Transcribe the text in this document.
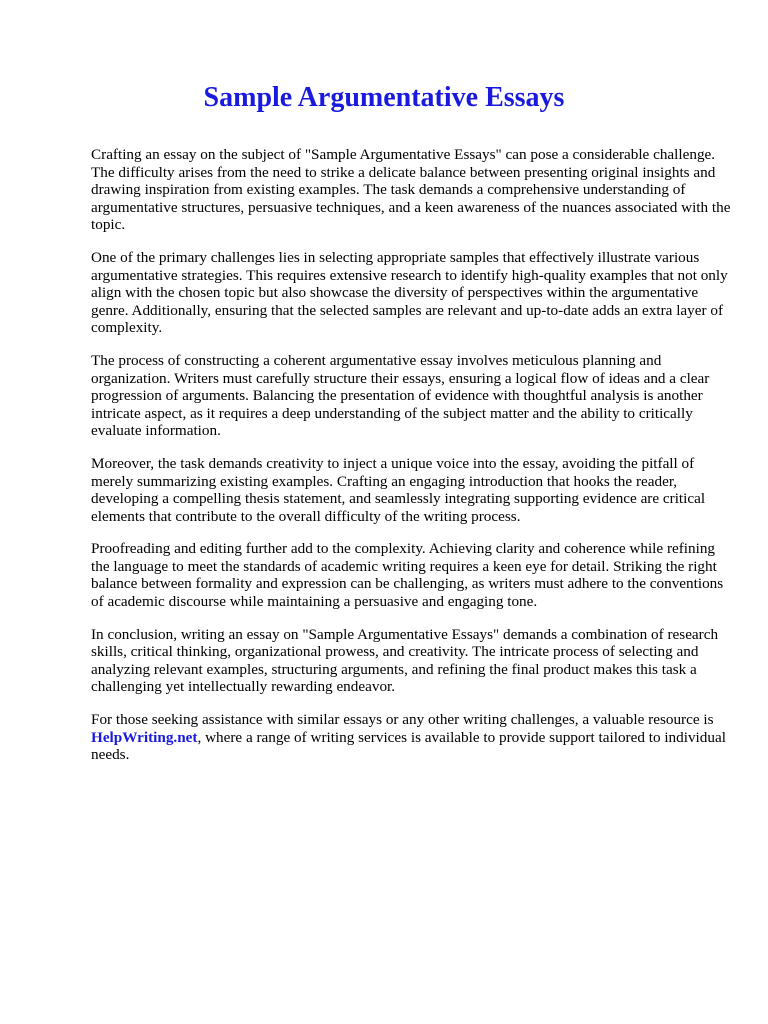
Sample Argumentative Essays

Crafting an essay on the subject of "Sample Argumentative Essays" can pose a considerable challenge. The difficulty arises from the need to strike a delicate balance between presenting original insights and drawing inspiration from existing examples. The task demands a comprehensive understanding of argumentative structures, persuasive techniques, and a keen awareness of the nuances associated with the topic.

One of the primary challenges lies in selecting appropriate samples that effectively illustrate various argumentative strategies. This requires extensive research to identify high-quality examples that not only align with the chosen topic but also showcase the diversity of perspectives within the argumentative genre. Additionally, ensuring that the selected samples are relevant and up-to-date adds an extra layer of complexity.

The process of constructing a coherent argumentative essay involves meticulous planning and organization. Writers must carefully structure their essays, ensuring a logical flow of ideas and a clear progression of arguments. Balancing the presentation of evidence with thoughtful analysis is another intricate aspect, as it requires a deep understanding of the subject matter and the ability to critically evaluate information.

Moreover, the task demands creativity to inject a unique voice into the essay, avoiding the pitfall of merely summarizing existing examples. Crafting an engaging introduction that hooks the reader, developing a compelling thesis statement, and seamlessly integrating supporting evidence are critical elements that contribute to the overall difficulty of the writing process.

Proofreading and editing further add to the complexity. Achieving clarity and coherence while refining the language to meet the standards of academic writing requires a keen eye for detail. Striking the right balance between formality and expression can be challenging, as writers must adhere to the conventions of academic discourse while maintaining a persuasive and engaging tone.

In conclusion, writing an essay on "Sample Argumentative Essays" demands a combination of research skills, critical thinking, organizational prowess, and creativity. The intricate process of selecting and analyzing relevant examples, structuring arguments, and refining the final product makes this task a challenging yet intellectually rewarding endeavor.

For those seeking assistance with similar essays or any other writing challenges, a valuable resource is HelpWriting.net, where a range of writing services is available to provide support tailored to individual needs.
